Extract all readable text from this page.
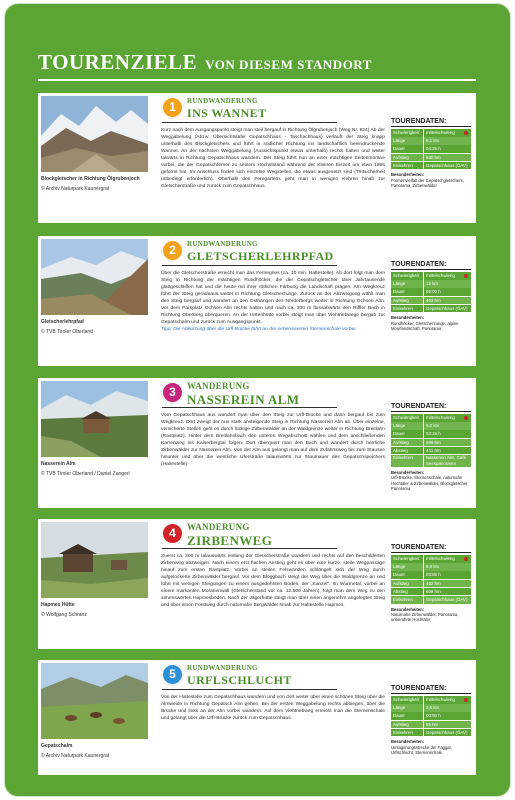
TOURENZIELE VON DIESEM STANDORT
Blockgletscher in Richtung Ölgrubenjoch
© Archiv Naturpark Kaunergrat
1	RUNDWANDERUNG
INS WANNET
Kurz nach dem Ausgangspunkt steigt man steil bergauf in Richtung Ölgrubenjoch (Weg Nr. 924) Ab der Weggabelung (Abzw. Übersichtstafel Gepatschhaus - Taschachhaus) verläuft der Steig knapp unterhalb des Blockgletschers und führt in südlicher Richtung ins landschaftlich beeindruckende Wannet. An der nächsten Weggabelung (Aussichtspunkt etwas unterhalb) rechts halten und weiter talwärts in Richtung Gepatschhaus wandern. Der Steig führt nun an einer mächtigen Seitenmoräne vorbei, die der Gepatschferner zu seinem Hochststand während der Kleinen Eiszeit um etwa 1855 geformt hat. Im Anschluss finden sich einzelne Wegstellen, die etwas ausgesetzt sind (Trittsicherheit unbedingt erforderlich). Oberhalb des Ferngartens geht man in wenigen Kehren hinab zur Gletscherstraße und zurück zum Gepatschhaus.
TOURENDATEN:
Schwierigkeit	mittelschwierig
Länge	8,1 km
Dauer	04:25 h
Aufstieg	630 hm
Einkehren	Gepatschhaus (ÖAV)
Besonderheiten:
Formenvielfalt der Gepatschgletschers, Panorama, Zirbenwälder
Gletscherlehrpfad
© TVB Tiroler Oberland
2	RUNDWANDERUNG
GLETSCHERLEHRPFAD
Über die Gletscherstraße erreicht man das Fernegries (ca. 10 min. Haltestelle). Ab dort folgt man dem Steig in Richtung der mächtigen Rundhöcker, die der Gepatschgletscher über Jahrtausende glattgeschliffen hat und die heute mit ihrer rötlichen Färbung die Landschaft prägen. Am Wegkreuz führt der Steig geradeaus weiter in Richtung Gletscherzunge. Zurück an der Abzweigung wählt man den Steig bergauf und wandert an den Osthängen des Nörderbergs weiter in Richtung Ochsen Alm. Vor dem Parkplatz Ochsen Alm rechts halten und nach ca. 300 m flussabwärts den Riffler Bach in Richtung Oberberg überqueren. An der Hirtenhütte vorbei steigt man über Viehtriebwege bergab zur Gepatschalm und zurück zum Ausgangspunkt.
Tipp: Die Abkürzung über die Urfl-Brücke führt an der sehenswerten Sternenschale vorbei.
TOURENDATEN:
Schwierigkeit	mittelschwierig
Länge	12 km
Dauer	05:00 h
Aufstieg	463 hm
Einkehren	Gepatschhaus (ÖAV)
Besonderheiten:
Rundhöcker, Gletscherzunge, alpine Moorlandschaft, Panorama
Nasserein Alm
© TVB Tiroler Oberland / Daniel Zangerl
3	WANDERUNG
NASSEREIN ALM
Vom Gepatschhaus aus wandert man über den Steig zur Urfl-Brücke und dann bergauf bis zum Wegkreuz. Dort zweigt der nun stark ansteigende Steig in Richtung Nasserein Alm ab. Über einzelne, versicherte Stellen geht es durch lückige Zirbenwälder an der Waldgrenze weiter in Richtung Breitlahn (Rastplatz). Hinter dem Breitlahnbach den unteren Wegabschnitt wählen und dem anschließenden Karrenweg ins Kaiserbergtal folgen. Dort überquert man den Bach und wandert durch herrliche Zirbenwälder zur Nasserein Alm. Von der Alm aus gelangt man auf dem Zufahrtsweg bis zum Stausee hinunter und über die westliche Uferstraße talauswärts zur Staumauer des Gepatschspeichers (Haltestelle).
TOURENDATEN:
Schwierigkeit	mittelschwierig
Länge	9,2 km
Dauer	03:15 h
Aufstieg	288 hm
Abstieg	441 hm
Einkehren	Nasserein Alm, Café Seespanorama
Besonderheiten:
Urfl-Brücke, Sternenschale, naturnahe Hochtäler & Zirbenwälder, Blockgletscher, Panorama
Hapmes Hütte
© Wolfgang Schranz
4	WANDERUNG
ZIRBENWEG
Zuerst ca. 300 m talauswärts entlang der Gletscherstraße wandern und rechts auf den beschilderten Zirbenweg abzweigen. Nach einem erst flachen Anstieg geht es über eine kurze, steile Wegpassage hinauf zum ersten Rastplatz. Vorbei an steilen Felswänden schlängelt sich der Weg durch aufgelockerte Zirbenwälder bergauf. Vor dem Blöggbach steigt der Weg über die Waldgrenze an und führt mit wenigen Steigungen zu einem ausgedehnten Boden, der „Kanzel“. Im Wurmetal, vorbei an einem markanten Moränenwall (Gletscherstand vor ca. 12.500 Jahren), folgt man dem Weg zu den sehenswerten Hapmesböden. Nach der Jägerhütte steigt man über einen angenehm angelegten Steig und über einen Forstweg durch naturnahe Bergwälder hinab zur Haltestelle Hapmes.
TOURENDATEN:
Schwierigkeit	mittelschwierig
Länge	8,6 km
Dauer	03:55 h
Aufstieg	452 hm
Abstieg	609 hm
Einkehren	Gepatschhaus (ÖAV)
Besonderheiten:
Naturnahe Zirbenwälder, Panorama, unberührte Hochtäler
Gepatschalm
© Archiv Naturpark Kaunergrat
5	RUNDWANDERUNG
URFLSCHLUCHT
Von der Haltestelle zum Gepatschhaus wandern und von dort weiter über einen schönen Steig über die Almweide in Richtung Gepatsch Alm gehen. Bei der ersten Weggabelung rechts abbiegen, über die Brücke und links an der Alm vorbei wandern. Auf dem Viehtriebweg erreicht man die Sternenschale und gelangt über die Urfl-Brücke zurück zum Gepatschhaus.
TOURENDATEN:
Schwierigkeit	mittelschwierig
Länge	2,6 km
Dauer	00:50 h
Aufstieg	55 hm
Einkehren	Gepatschhaus (ÖAV)
Besonderheiten:
Umlagerungsstrecke der Faggar, Urflschlucht, Sternenschale
